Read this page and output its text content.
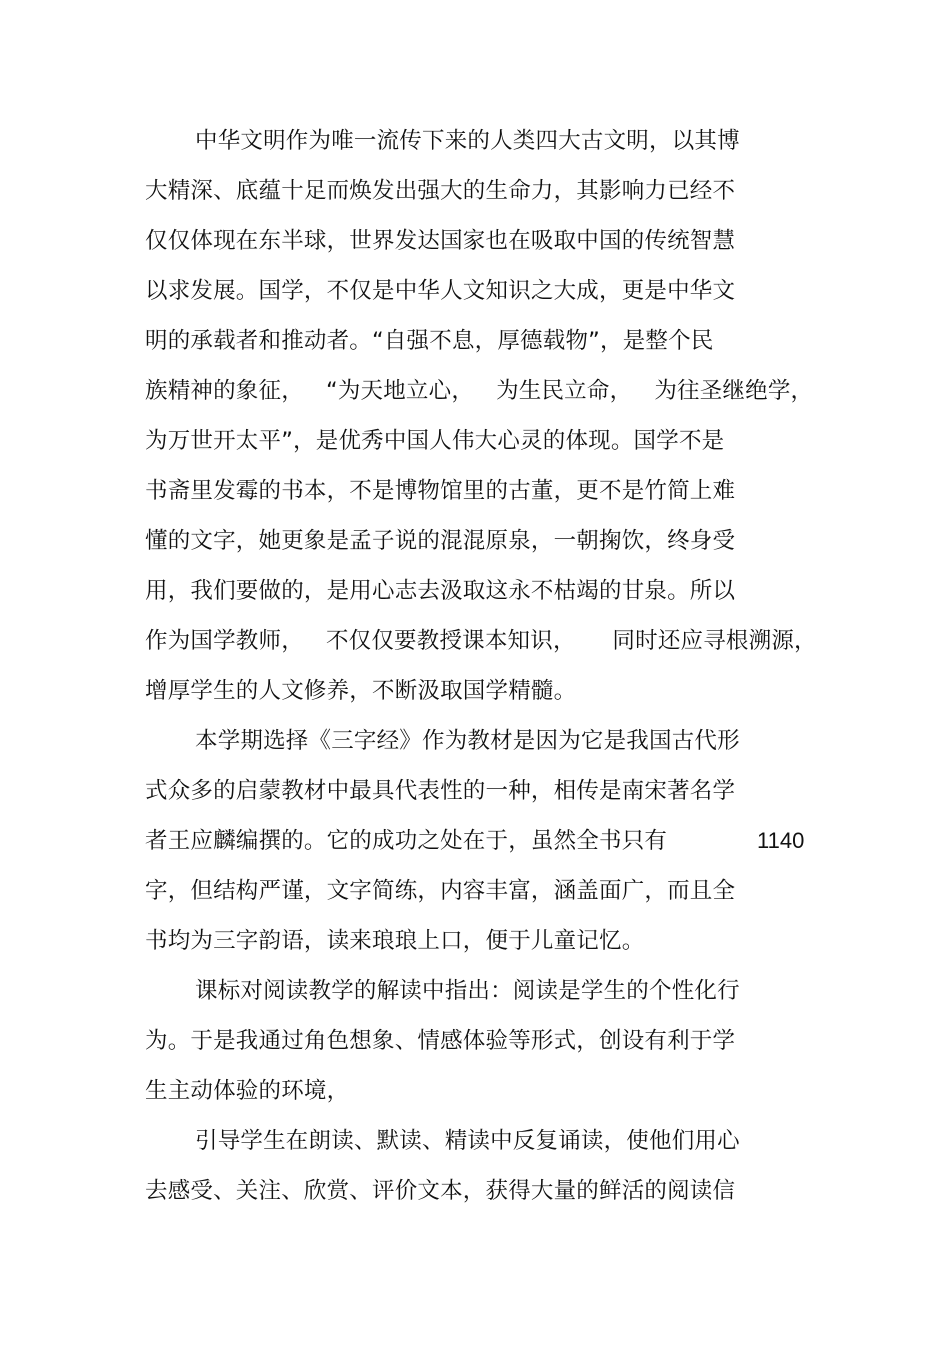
中华文明作为唯一流传下来的人类四大古文明，以其博
大精深、底蕴十足而焕发出强大的生命力，其影响力已经不
仅仅体现在东半球，世界发达国家也在吸取中国的传统智慧
以求发展。国学，不仅是中华人文知识之大成，更是中华文
明的承载者和推动者。“自强不息，厚德载物”，是整个民
族精神的象征，   “为天地立心，   为生民立命，   为往圣继绝学，
为万世开太平”，是优秀中国人伟大心灵的体现。国学不是
书斋里发霉的书本，不是博物馆里的古董，更不是竹简上难
懂的文字，她更象是孟子说的混混原泉，一朝掬饮，终身受
用，我们要做的，是用心志去汲取这永不枯竭的甘泉。所以
作为国学教师，   不仅仅要教授课本知识，     同时还应寻根溯源，
增厚学生的人文修养，不断汲取国学精髓。
本学期选择《三字经》作为教材是因为它是我国古代形
式众多的启蒙教材中最具代表性的一种，相传是南宋著名学
者王应麟编撰的。它的成功之处在于，虽然全书只有	1140
字，但结构严谨，文字简练，内容丰富，涵盖面广，而且全
书均为三字韵语，读来琅琅上口，便于儿童记忆。
课标对阅读教学的解读中指出：阅读是学生的个性化行
为。于是我通过角色想象、情感体验等形式，创设有利于学
生主动体验的环境，
引导学生在朗读、默读、精读中反复诵读，使他们用心
去感受、关注、欣赏、评价文本，获得大量的鲜活的阅读信
